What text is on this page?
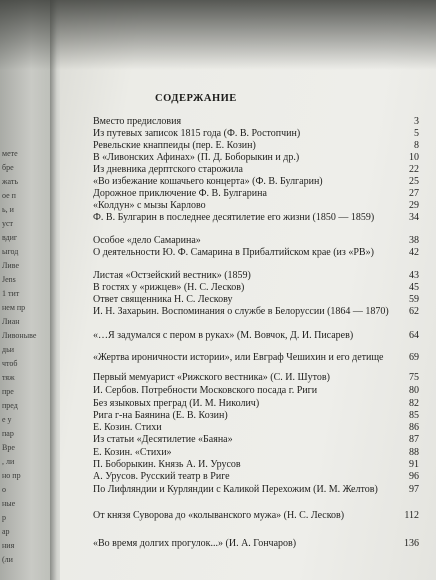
мете
бре
жать
ое п
ь, и
уст
вдиг
ыгод
Ливе
Jens
1 тит
нем пр
Лиан
Ливоныве
дьи
чтоб
тяж
пре
пред
е у
пар
Вре
, ли
но пр
о
ные
р
ар
ния
(ли
СОДЕРЖАНИЕ
Вместо предисловия	3
Из путевых записок 1815 года (Ф. В. Ростопчин)	5
Ревельские кнаппеиды (пер. Е. Козин)	8
В «Ливонских Афинах» (П. Д. Боборыкин и др.)	10
Из дневника дерптского старожила	22
«Во избежание кошачьего концерта» (Ф. В. Булгарин)	25
Дорожное приключение Ф. В. Булгарина	27
«Колдун» с мызы Карлово	29
Ф. В. Булгарин в последнее десятилетие его жизни (1850 — 1859)	34
Особое «дело Самарина»	38
О деятельности Ю. Ф. Самарина в Прибалтийском крае (из «РВ»)	42
Листая «Остзейский вестник» (1859)	43
В гостях у «рижцев» (Н. С. Лесков)	45
Ответ священника Н. С. Лескову	59
И. Н. Захарьин. Воспоминания о службе в Белоруссии (1864 — 1870)	62
«…Я задумался с пером в руках» (М. Вовчок, Д. И. Писарев)	64
«Жертва ироничности истории», или Евграф Чешихин и его детище	69
Первый мемуарист «Рижского вестника» (С. И. Шутов)	75
И. Сербов. Потребности Московского посада г. Риги	80
Без языковых преград (И. М. Николич)	82
Рига г-на Баянина (Е. В. Козин)	85
Е. Козин. Стихи	86
Из статьи «Десятилетие «Баяна»	87
Е. Козин. «Стихи»	88
П. Боборыкин. Князь А. И. Урусов	91
А. Урусов. Русский театр в Риге	96
По Лифляндии и Курляндии с Каликой Перехожим (И. М. Желтов)	97
От князя Суворова до «колыванского мужа» (Н. С. Лесков)	112
«Во время долгих прогулок...» (И. А. Гончаров)	136
